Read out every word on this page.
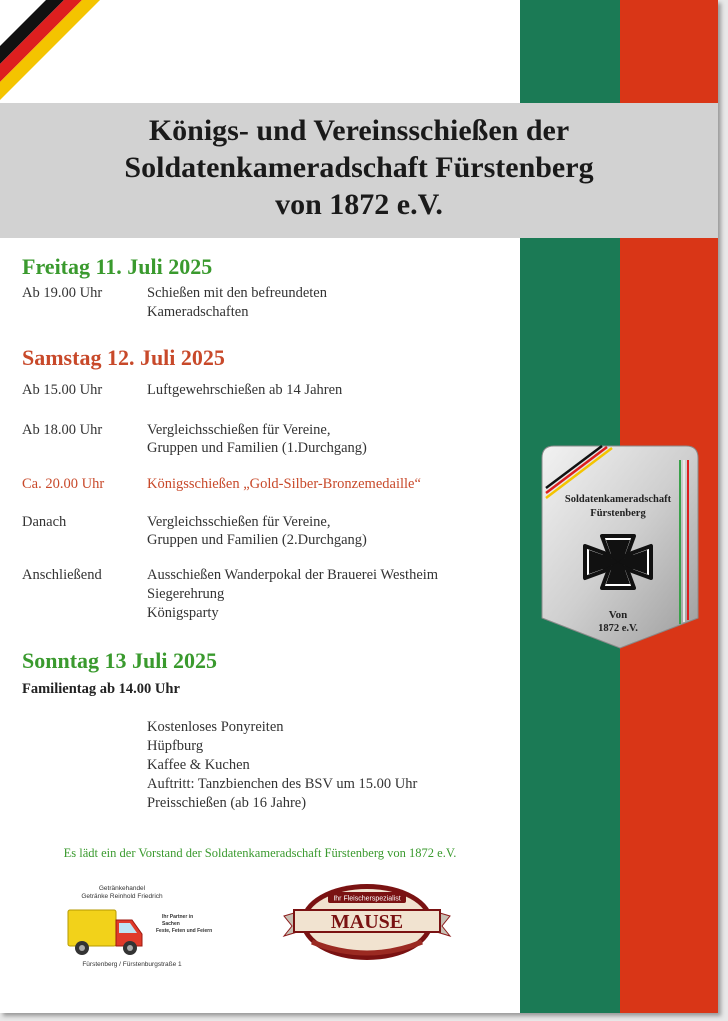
Königs- und Vereinsschießen der
Soldatenkameradschaft Fürstenberg
von 1872 e.V.
Freitag 11. Juli 2025
Ab 19.00 Uhr	Schießen mit den befreundeten
Kameradschaften
Samstag 12. Juli 2025
Ab 15.00 Uhr	Luftgewehrschießen ab 14 Jahren
Ab 18.00 Uhr	Vergleichsschießen für Vereine,
Gruppen und Familien (1.Durchgang)
Ca. 20.00 Uhr	Königsschießen „Gold-Silber-Bronzemedaille“
Danach	Vergleichsschießen für Vereine,
Gruppen und Familien (2.Durchgang)
Anschließend	Ausschießen Wanderpokal der Brauerei Westheim
Siegerehrung
Königsparty
Sonntag 13 Juli 2025
Familientag ab 14.00 Uhr
Kostenloses Ponyreiten
Hüpfburg
Kaffee & Kuchen
Auftritt: Tanzbienchen des BSV um 15.00 Uhr
Preisschießen (ab 16 Jahre)
Es lädt ein der Vorstand der Soldatenkameradschaft Fürstenberg von 1872 e.V.
Soldatenkameradschaft
Fürstenberg
Von
1872 e.V.
Getränkehandel
Getränke Reinhold Friedrich
Ihr Partner in
Sachen
Feste, Feten und Feiern
Fürstenberg / Fürstenburgstraße 1
Ihr Fleischerspezialist
MAUSE
